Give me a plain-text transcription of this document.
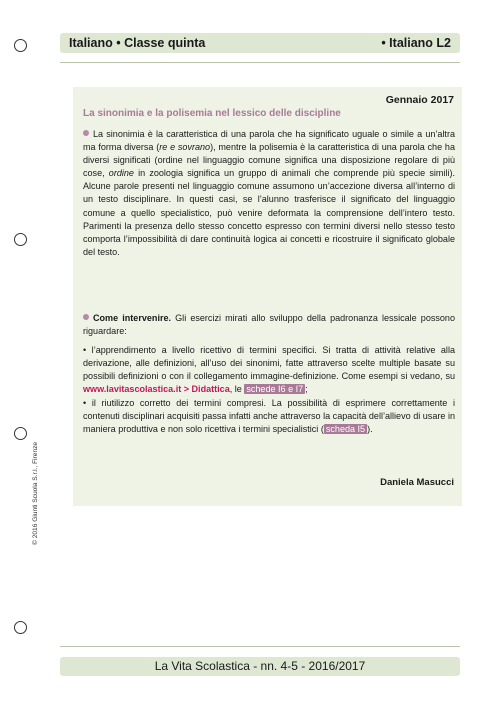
Italiano • Classe quinta	• Italiano L2
Gennaio 2017
La sinonimia e la polisemia nel lessico delle discipline

La sinonimia è la caratteristica di una parola che ha significato uguale o simile a un’altra ma forma diversa (re e sovrano), mentre la polisemia è la caratteristica di una parola che ha diversi significati (ordine nel linguaggio comune significa una disposizione regolare di più cose, ordine in zoologia significa un gruppo di animali che comprende più specie simili). Alcune parole presenti nel linguaggio comune assumono un’accezione diversa all’interno di un testo disciplinare. In questi casi, se l’alunno trasferisce il significato del linguaggio comune a quello specialistico, può venire deformata la comprensione dell’intero testo. Parimenti la presenza dello stesso concetto espresso con termini diversi nello stesso testo comporta l’impossibilità di dare continuità logica ai concetti e ricostruire il significato globale del testo.

Come intervenire. Gli esercizi mirati allo sviluppo della padronanza lessicale possono riguardare:

• l’apprendimento a livello ricettivo di termini specifici. Si tratta di attività relative alla derivazione, alle definizioni, all’uso dei sinonimi, fatte attraverso scelte multiple basate su possibili definizioni o con il collegamento immagine-definizione. Come esempi si vedano, su www.lavitascolastica.it > Didattica, le schede I6 e I7 ;

• il riutilizzo corretto dei termini compresi. La possibilità di esprimere correttamente i contenuti disciplinari acquisiti passa infatti anche attraverso la capacità dell’allievo di usare in maniera produttiva e non solo ricettiva i termini specialistici ( scheda I5 ).

Daniela Masucci
© 2016 Giunti Scuola S.r.l., Firenze
La Vita Scolastica - nn. 4-5 - 2016/2017
